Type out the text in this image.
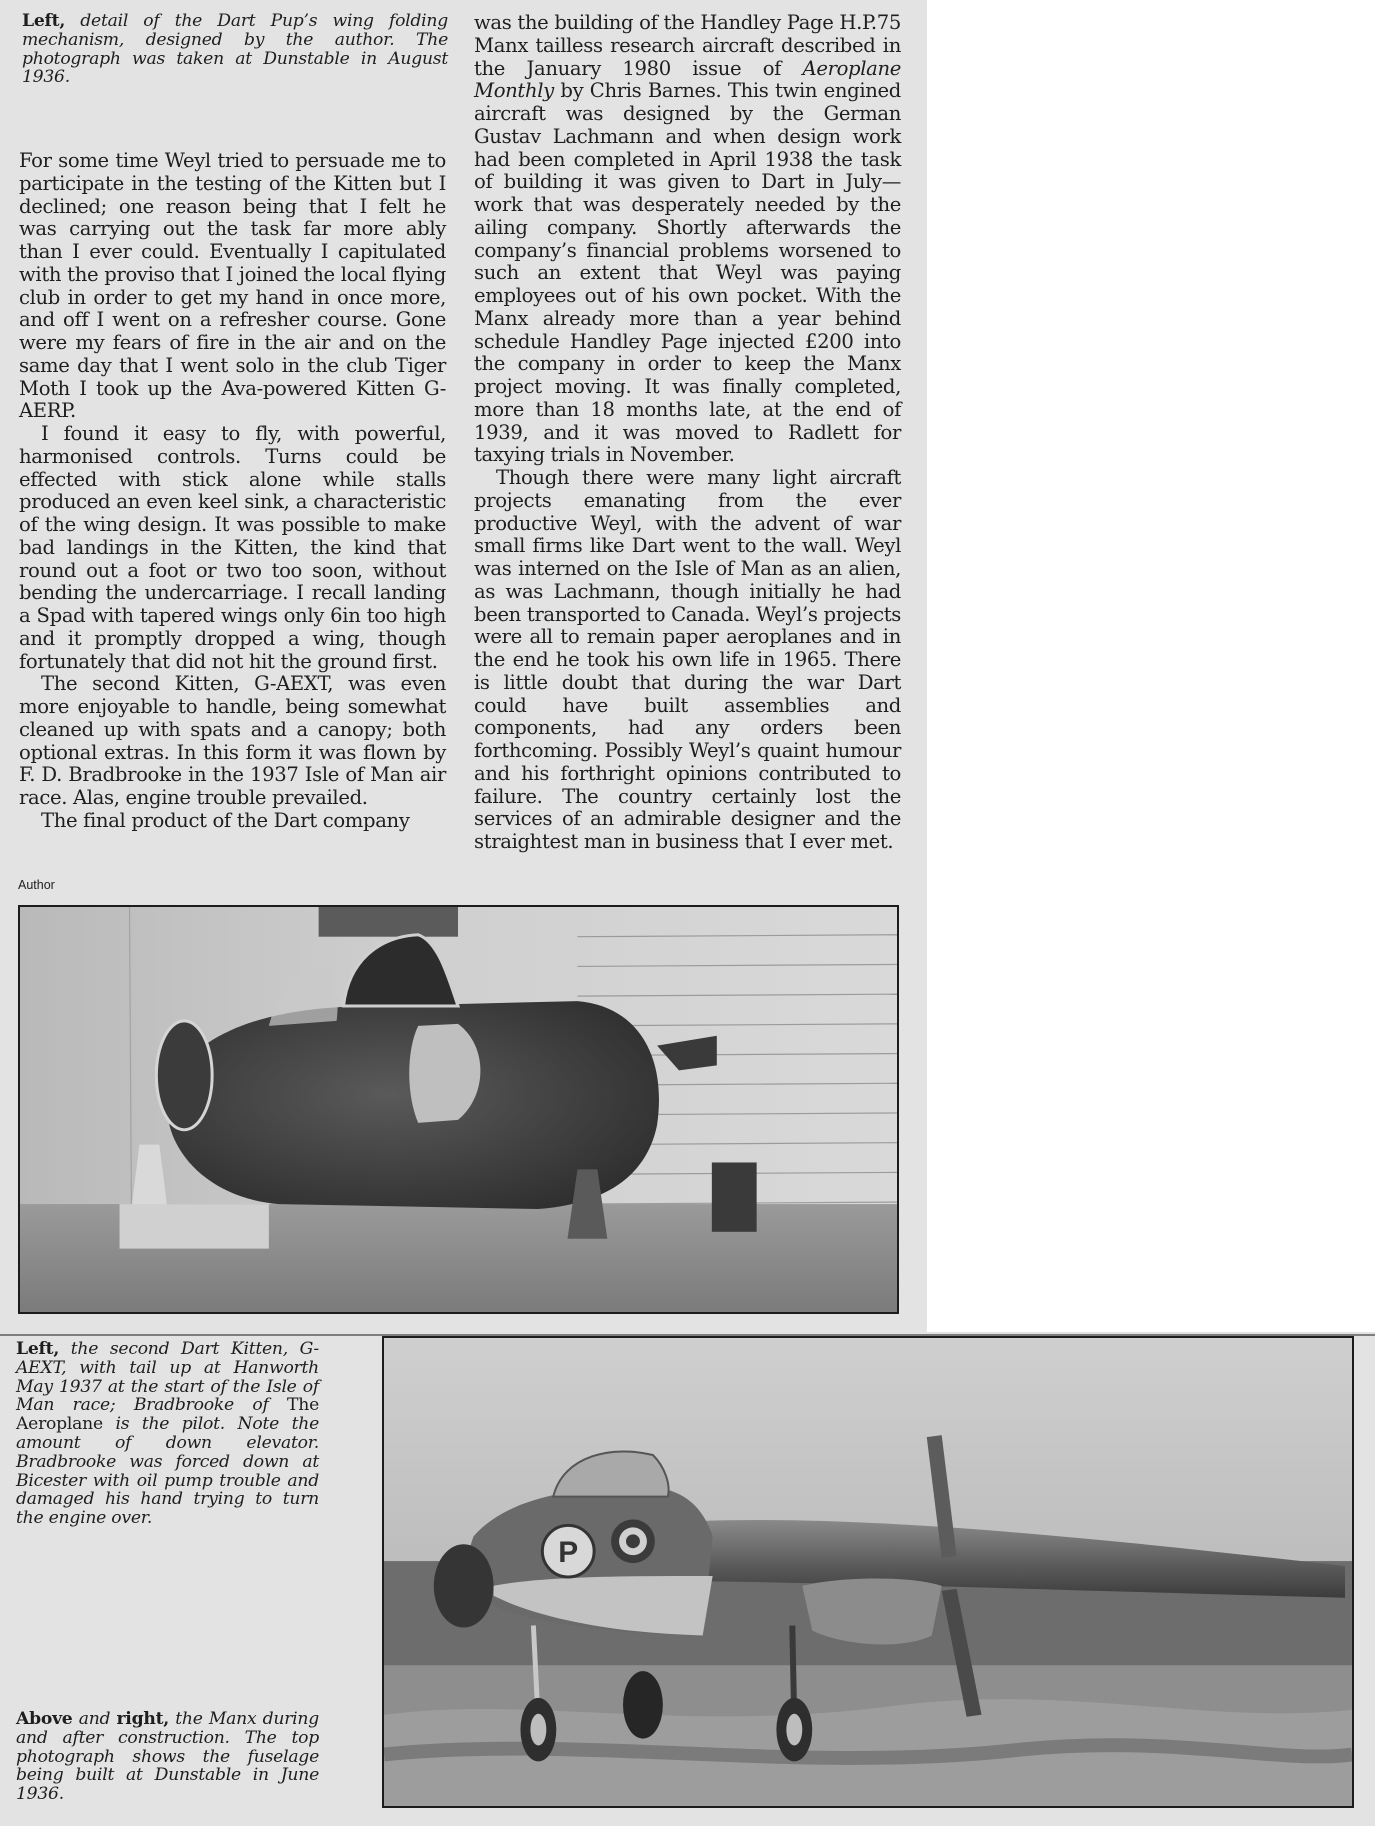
Left, detail of the Dart Pup’s wing folding mechanism, designed by the author. The photograph was taken at Dunstable in August 1936.

For some time Weyl tried to persuade me to participate in the testing of the Kitten but I declined; one reason being that I felt he was carrying out the task far more ably than I ever could. Eventually I capitulated with the proviso that I joined the local flying club in order to get my hand in once more, and off I went on a refresher course. Gone were my fears of fire in the air and on the same day that I went solo in the club Tiger Moth I took up the Ava-powered Kitten G-AERP.

I found it easy to fly, with powerful, harmonised controls. Turns could be effected with stick alone while stalls produced an even keel sink, a characteristic of the wing design. It was possible to make bad landings in the Kitten, the kind that round out a foot or two too soon, without bending the undercarriage. I recall landing a Spad with tapered wings only 6in too high and it promptly dropped a wing, though fortunately that did not hit the ground first.

The second Kitten, G-AEXT, was even more enjoyable to handle, being somewhat cleaned up with spats and a canopy; both optional extras. In this form it was flown by F. D. Bradbrooke in the 1937 Isle of Man air race. Alas, engine trouble prevailed.

The final product of the Dart company

was the building of the Handley Page H.P.75 Manx tailless research aircraft described in the January 1980 issue of Aeroplane Monthly by Chris Barnes. This twin engined aircraft was designed by the German Gustav Lachmann and when design work had been completed in April 1938 the task of building it was given to Dart in July—work that was desperately needed by the ailing company. Shortly afterwards the company’s financial problems worsened to such an extent that Weyl was paying employees out of his own pocket. With the Manx already more than a year behind schedule Handley Page injected £200 into the company in order to keep the Manx project moving. It was finally completed, more than 18 months late, at the end of 1939, and it was moved to Radlett for taxying trials in November.

Though there were many light aircraft projects emanating from the ever productive Weyl, with the advent of war small firms like Dart went to the wall. Weyl was interned on the Isle of Man as an alien, as was Lachmann, though initially he had been transported to Canada. Weyl’s projects were all to remain paper aeroplanes and in the end he took his own life in 1965. There is little doubt that during the war Dart could have built assemblies and components, had any orders been forthcoming. Possibly Weyl’s quaint humour and his forthright opinions contributed to failure. The country certainly lost the services of an admirable designer and the straightest man in business that I ever met.

Author
Left, the second Dart Kitten, G-AEXT, with tail up at Hanworth May 1937 at the start of the Isle of Man race; Bradbrooke of The Aeroplane is the pilot. Note the amount of down elevator. Bradbrooke was forced down at Bicester with oil pump trouble and damaged his hand trying to turn the engine over.
Above and right, the Manx during and after construction. The top photograph shows the fuselage being built at Dunstable in June 1936.
P
